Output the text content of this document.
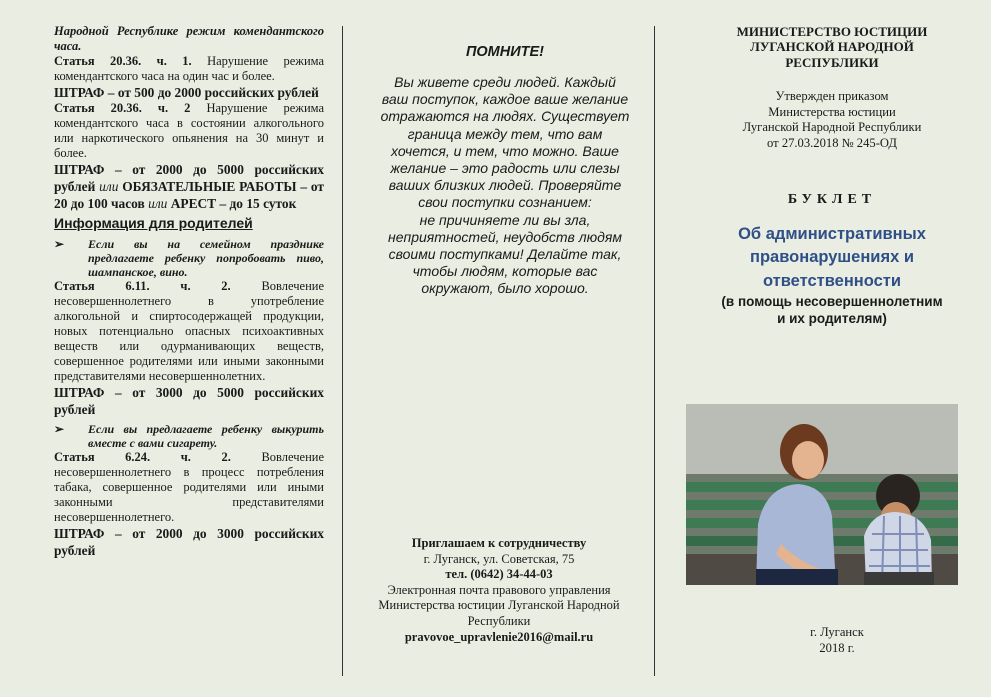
Народной Республике режим комендантского часа.

Статья 20.36. ч. 1. Нарушение режима комендантского часа на один час и более.

ШТРАФ – от 500 до 2000 российских рублей

Статья 20.36. ч. 2 Нарушение режима комендантского часа в состоянии алкогольного или наркотического опьянения на 30 минут и более.

ШТРАФ – от 2000 до 5000 российских рублей или ОБЯЗАТЕЛЬНЫЕ РАБОТЫ – от 20 до 100 часов или АРЕСТ – до 15 суток

Информация для родителей
➢	Если вы на семейном празднике предлагаете ребенку попробовать пиво, шампанское, вино.

Статья 6.11. ч. 2. Вовлечение несовершеннолетнего в употребление алкогольной и спиртосодержащей продукции, новых потенциально опасных психоактивных веществ или одурманивающих веществ, совершенное родителями или иными законными представителями несовершеннолетних.

ШТРАФ – от 3000 до 5000 российских рублей

➢	Если вы предлагаете ребенку выкурить вместе с вами сигарету.

Статья 6.24. ч. 2. Вовлечение несовершеннолетнего в процесс потребления табака, совершенное родителями или иными законными представителями несовершеннолетнего.

ШТРАФ – от 2000 до 3000 российских рублей

ПОМНИТЕ!
Вы живете среди людей. Каждый
ваш поступок, каждое ваше желание
отражаются на людях. Существует
граница между тем, что вам
хочется, и тем, что можно. Ваше
желание – это радость или слезы
ваших близких людей. Проверяйте
свои поступки сознанием:
не причиняете ли вы зла,
неприятностей, неудобств людям
своими поступками! Делайте так,
чтобы людям, которые вас
окружают, было хорошо.
Приглашаем к сотрудничеству
г. Луганск, ул. Советская, 75
тел. (0642) 34-44-03
Электронная почта правового управления
Министерства юстиции Луганской Народной
Республики
pravovoe_upravlenie2016@mail.ru
МИНИСТЕРСТВО ЮСТИЦИИ
ЛУГАНСКОЙ НАРОДНОЙ
РЕСПУБЛИКИ
Утвержден приказом
Министерства юстиции
Луганской Народной Республики
от 27.03.2018 № 245-ОД
БУКЛЕТ
Об административных
правонарушениях и
ответственности
(в помощь несовершеннолетним
и их родителям)
г. Луганск
2018 г.
